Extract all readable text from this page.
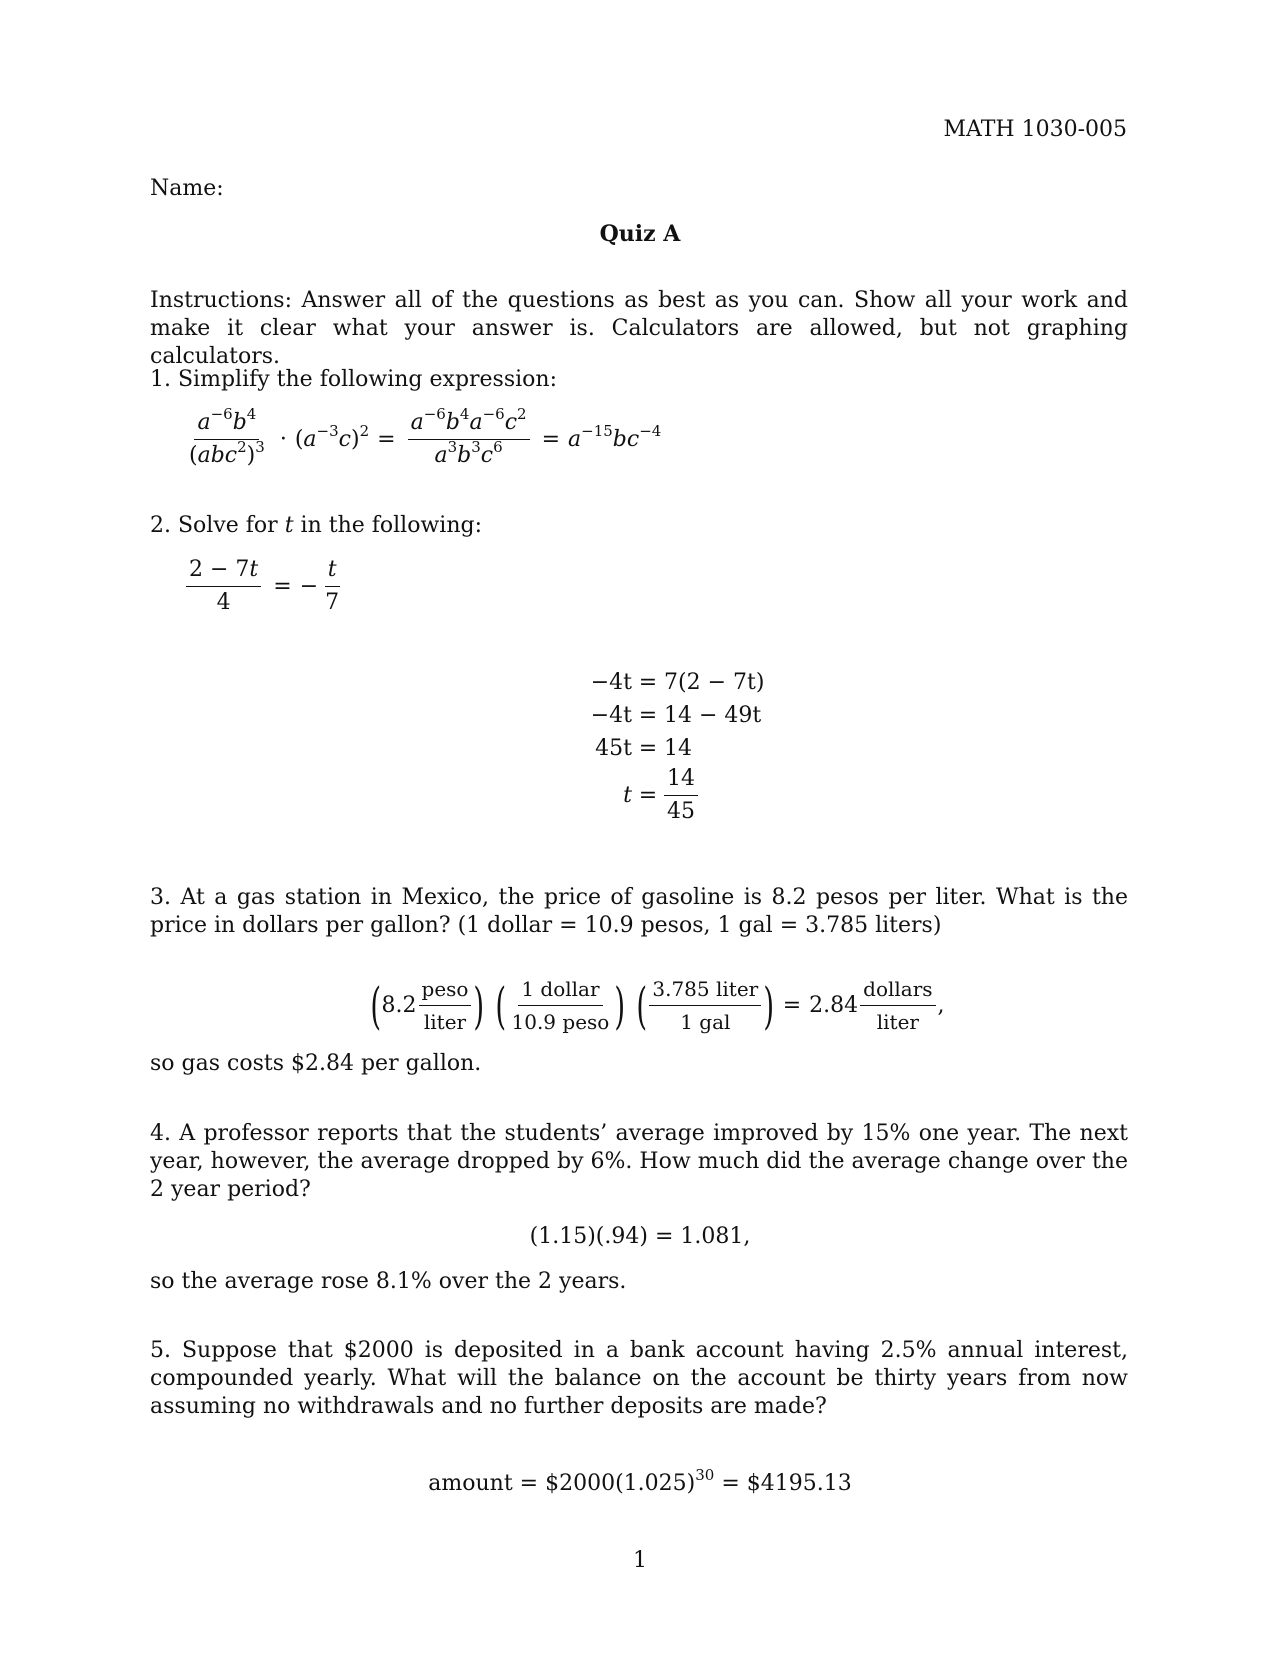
MATH 1030-005
Name:
Quiz A
Instructions: Answer all of the questions as best as you can. Show all your work and make it clear what your answer is. Calculators are allowed, but not graphing calculators.
1. Simplify the following expression:
$\frac{a^{-6}b^4}{(abc^2)^3} \cdot (a^{-3}c)^2 = \frac{a^{-6}b^4a^{-6}c^2}{a^3b^3c^6} = a^{-15}bc^{-4}$
2. Solve for t in the following:
$\frac{2 - 7t}{4}$ = − $\frac{t}{7}$
−4t = 7(2 − 7t)
−4t = 14 − 49t
45t = 14
$t = \frac{14}{45}$
3. At a gas station in Mexico, the price of gasoline is 8.2 pesos per liter. What is the price in dollars per gallon? (1 dollar = 10.9 pesos, 1 gal = 3.785 liters)
( $8.2 \frac{\text{peso}}{\text{liter}}$ ) ( $\frac{\text{1 dollar}}{\text{10.9 peso}}$ ) ( $\frac{\text{3.785 liter}}{\text{1 gal}}$ ) = $2.84 \frac{\text{dollars}}{\text{liter}}$ ,
so gas costs $2.84 per gallon.
4. A professor reports that the students’ average improved by 15% one year. The next year, however, the average dropped by 6%. How much did the average change over the 2 year period?
(1.15)(.94) = 1.081,
so the average rose 8.1% over the 2 years.
5. Suppose that $2000 is deposited in a bank account having 2.5% annual interest, compounded yearly. What will the balance on the account be thirty years from now assuming no withdrawals and no further deposits are made?
amount = $\$2000(1.025)^{30}$ = $4195.13
1
